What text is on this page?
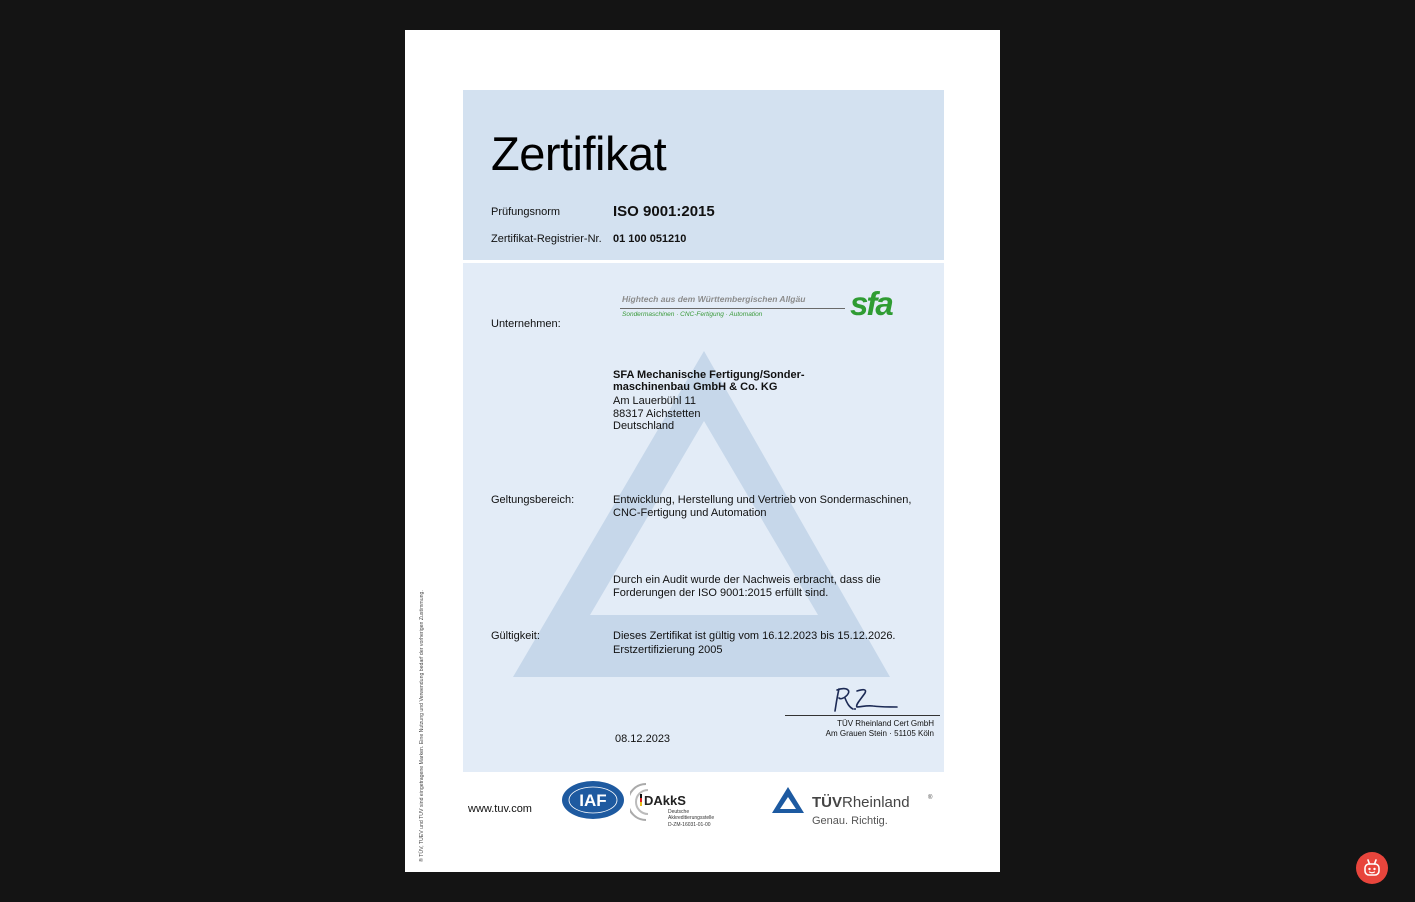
Zertifikat
Prüfungsnorm	ISO 9001:2015
Zertifikat-Registrier-Nr. 01 100 051210
Unternehmen:
Hightech aus dem Württembergischen Allgäu
Sondermaschinen · CNC-Fertigung · Automation	sfa
SFA Mechanische Fertigung/Sonder-
maschinenbau GmbH & Co. KG
Am Lauerbühl 11
88317 Aichstetten
Deutschland
Geltungsbereich:	Entwicklung, Herstellung und Vertrieb von Sondermaschinen,
CNC-Fertigung und Automation
Durch ein Audit wurde der Nachweis erbracht, dass die
Forderungen der ISO 9001:2015 erfüllt sind.
Gültigkeit:	Dieses Zertifikat ist gültig vom 16.12.2023 bis 15.12.2026.
Erstzertifizierung 2005
08.12.2023
TÜV Rheinland Cert GmbH
Am Grauen Stein · 51105 Köln
www.tuv.com	IAF	DAkkS
Deutsche
Akkreditierungsstelle
D-ZM-16031-01-00
TÜVRheinland	®
Genau. Richtig.
® TÜV, TUEV und TUV sind eingetragene Marken. Eine Nutzung und Verwendung bedarf der vorherigen Zustimmung.
